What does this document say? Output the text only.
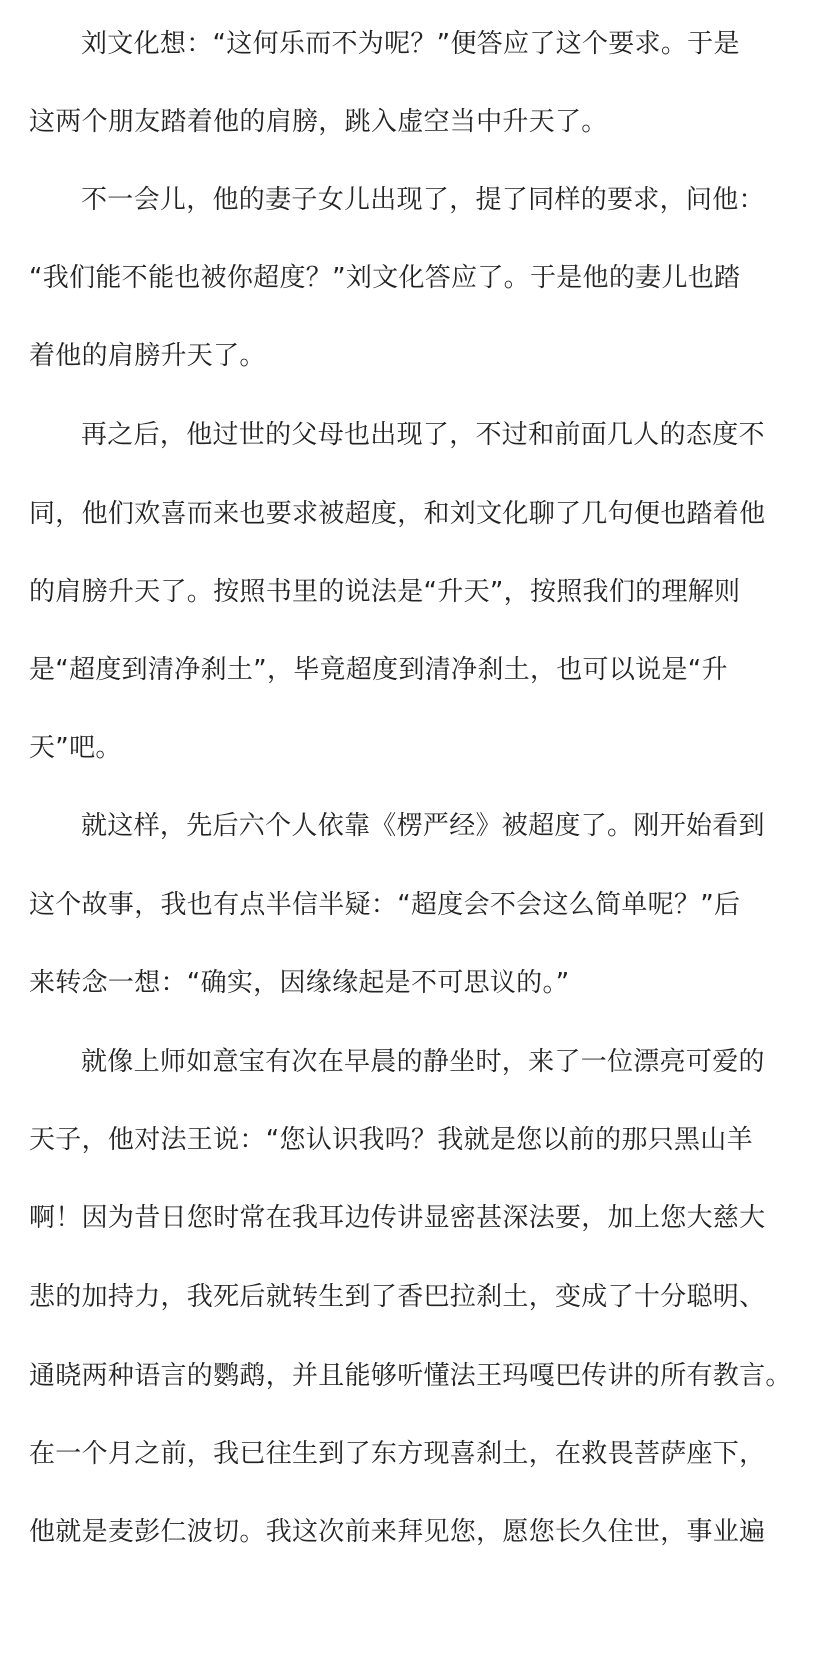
刘文化想：“这何乐而不为呢？”便答应了这个要求。于是
这两个朋友踏着他的肩膀，跳入虚空当中升天了。
不一会儿，他的妻子女儿出现了，提了同样的要求，问他：
“我们能不能也被你超度？”刘文化答应了。于是他的妻儿也踏
着他的肩膀升天了。
再之后，他过世的父母也出现了，不过和前面几人的态度不
同，他们欢喜而来也要求被超度，和刘文化聊了几句便也踏着他
的肩膀升天了。按照书里的说法是“升天”，按照我们的理解则
是“超度到清净刹土”，毕竟超度到清净刹土，也可以说是“升
天”吧。
就这样，先后六个人依靠《楞严经》被超度了。刚开始看到
这个故事，我也有点半信半疑：“超度会不会这么简单呢？”后
来转念一想：“确实，因缘缘起是不可思议的。”
就像上师如意宝有次在早晨的静坐时，来了一位漂亮可爱的
天子，他对法王说：“您认识我吗？我就是您以前的那只黑山羊
啊！因为昔日您时常在我耳边传讲显密甚深法要，加上您大慈大
悲的加持力，我死后就转生到了香巴拉刹土，变成了十分聪明、
通晓两种语言的鹦鹉，并且能够听懂法王玛嘎巴传讲的所有教言。
在一个月之前，我已往生到了东方现喜刹土，在救畏菩萨座下，
他就是麦彭仁波切。我这次前来拜见您，愿您长久住世，事业遍
